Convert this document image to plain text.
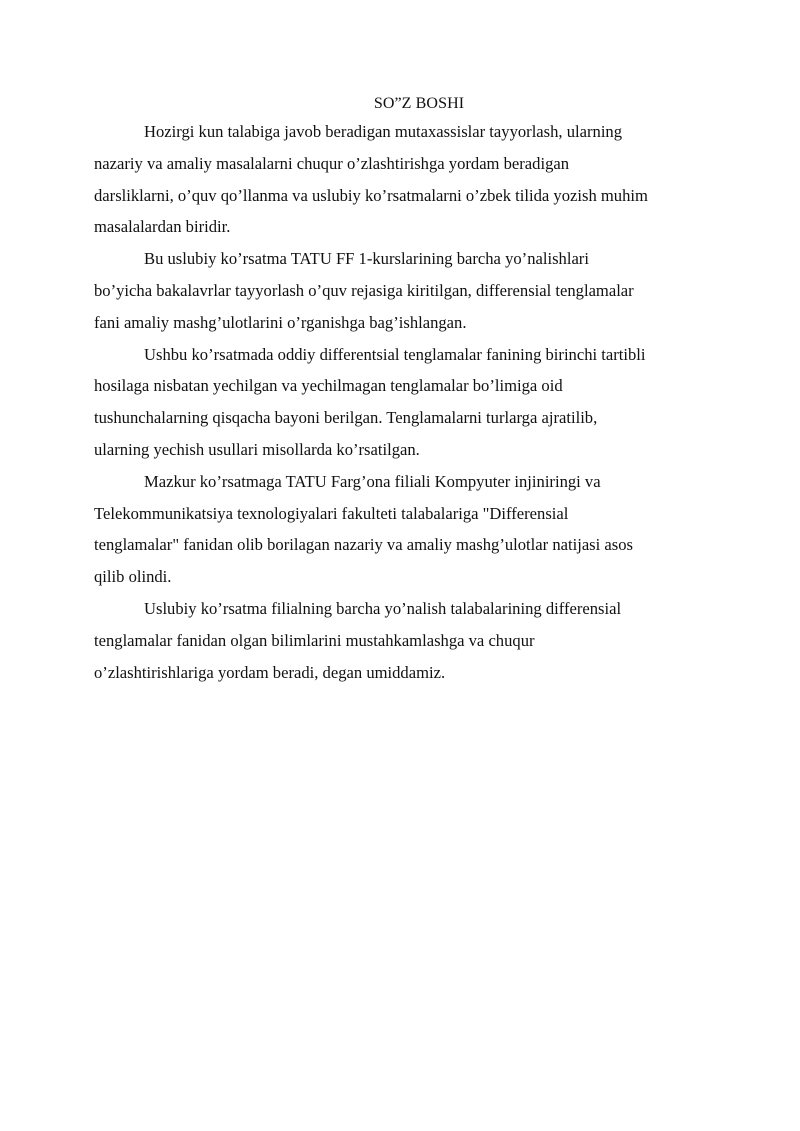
SO”Z BOSHI

Hozirgi kun talabiga javob beradigan mutaxassislar tayyorlash, ularning
nazariy va amaliy masalalarni chuqur o’zlashtirishga yordam beradigan
darsliklarni, o’quv qo’llanma va uslubiy ko’rsatmalarni o’zbek tilida yozish muhim
masalalardan biridir.

Bu uslubiy ko’rsatma TATU FF 1-kurslarining barcha yo’nalishlari
bo’yicha bakalavrlar tayyorlash o’quv rejasiga kiritilgan, differensial tenglamalar
fani amaliy mashg’ulotlarini o’rganishga bag’ishlangan.

Ushbu ko’rsatmada oddiy differentsial tenglamalar fanining birinchi tartibli
hosilaga nisbatan yechilgan va yechilmagan tenglamalar bo’limiga oid
tushunchalarning qisqacha bayoni berilgan. Tenglamalarni turlarga ajratilib,
ularning yechish usullari misollarda ko’rsatilgan.

Mazkur ko’rsatmaga TATU Farg’ona filiali Kompyuter injiniringi va
Telekommunikatsiya texnologiyalari fakulteti talabalariga "Differensial
tenglamalar" fanidan olib borilagan nazariy va amaliy mashg’ulotlar natijasi asos
qilib olindi.

Uslubiy ko’rsatma filialning barcha yo’nalish talabalarining differensial
tenglamalar fanidan olgan bilimlarini mustahkamlashga va chuqur
o’zlashtirishlariga yordam beradi, degan umiddamiz.
